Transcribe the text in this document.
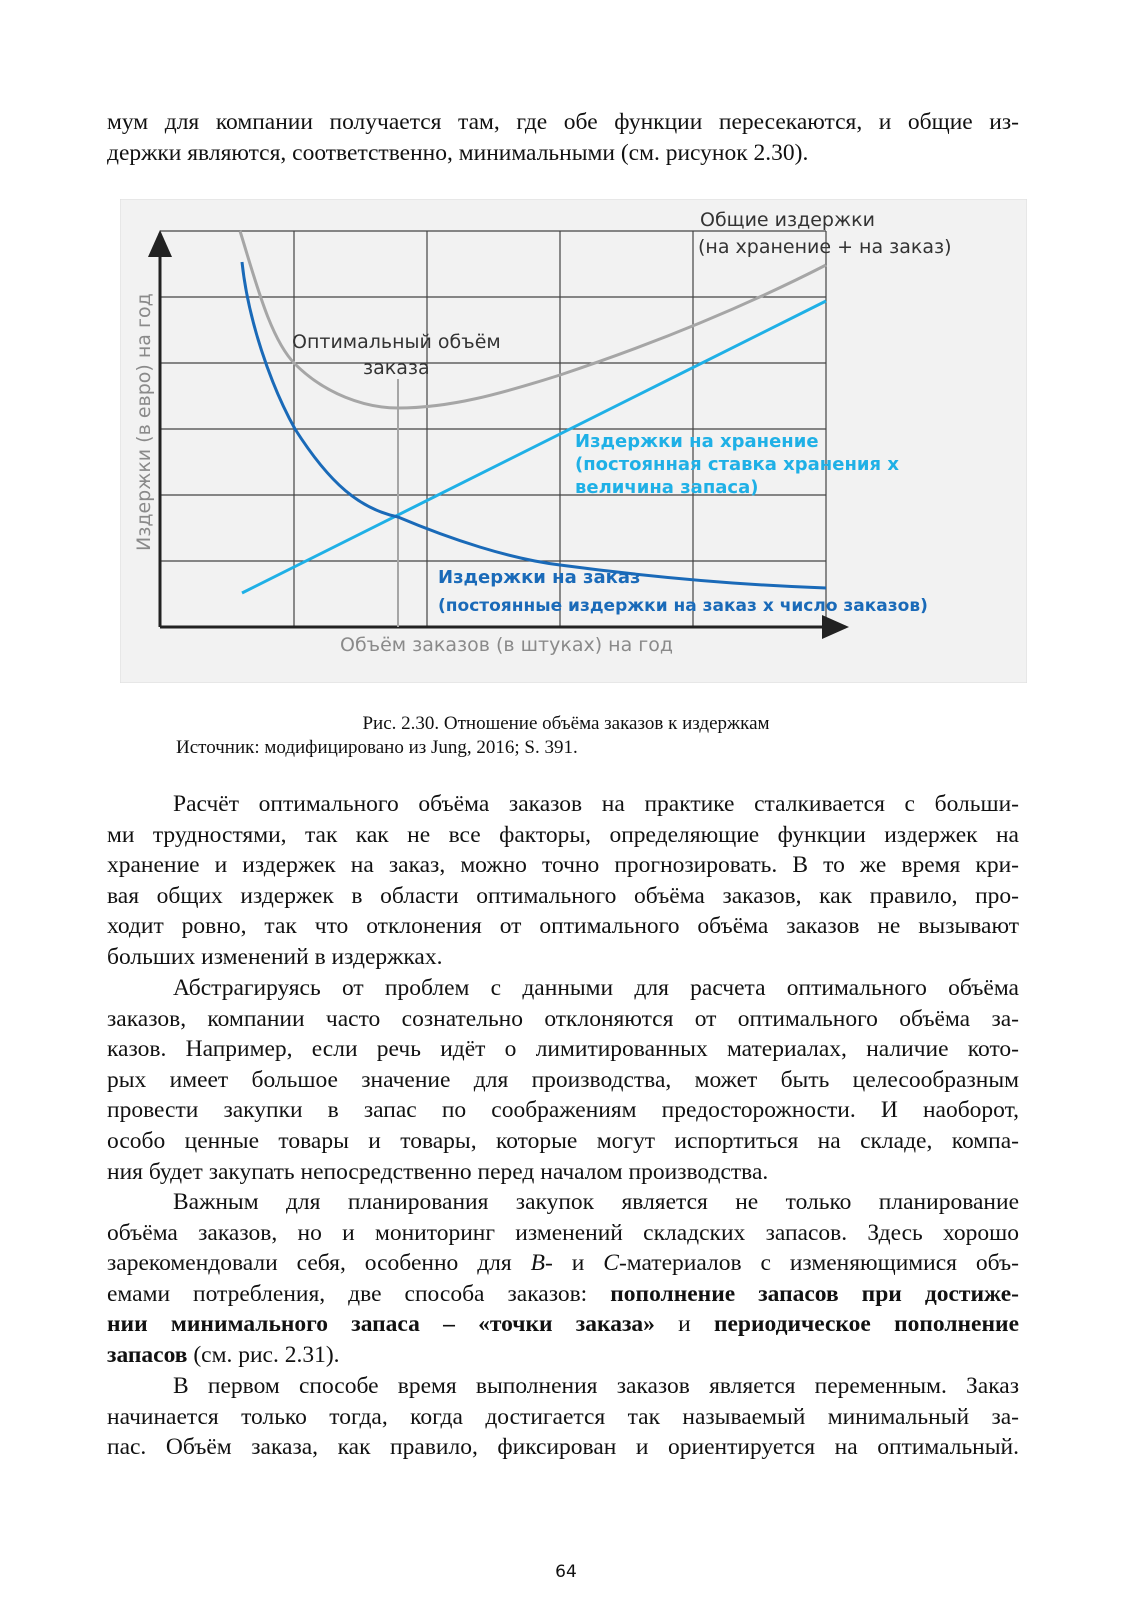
мум для компании получается там, где обе функции пересекаются, и общие из-
держки являются, соответственно, минимальными (см. рисунок 2.30).
Издержки (в евро) на год
Объём заказов (в штуках) на год
Общие издержки
(на хранение + на заказ)
Оптимальный объём
заказа
Издержки на хранение
(постоянная ставка хранения х
величина запаса)
Издержки на заказ
(постоянные издержки на заказ х число заказов)
Рис. 2.30. Отношение объёма заказов к издержкам
Источник: модифицировано из Jung, 2016; S. 391.
Расчёт оптимального объёма заказов на практике сталкивается с больши-
ми трудностями, так как не все факторы, определяющие функции издержек на
хранение и издержек на заказ, можно точно прогнозировать. В то же время кри-
вая общих издержек в области оптимального объёма заказов, как правило, про-
ходит ровно, так что отклонения от оптимального объёма заказов не вызывают
больших изменений в издержках.
Абстрагируясь от проблем с данными для расчета оптимального объёма
заказов, компании часто сознательно отклоняются от оптимального объёма за-
казов. Например, если речь идёт о лимитированных материалах, наличие кото-
рых имеет большое значение для производства, может быть целесообразным
провести закупки в запас по соображениям предосторожности. И наоборот,
особо ценные товары и товары, которые могут испортиться на складе, компа-
ния будет закупать непосредственно перед началом производства.
Важным для планирования закупок является не только планирование
объёма заказов, но и мониторинг изменений складских запасов. Здесь хорошо
зарекомендовали себя, особенно для B- и C-материалов с изменяющимися объ-
емами потребления, две способа заказов: пополнение запасов при достиже-
нии минимального запаса – «точки заказа» и периодическое пополнение
запасов (см. рис. 2.31).
В первом способе время выполнения заказов является переменным. Заказ
начинается только тогда, когда достигается так называемый минимальный за-
пас. Объём заказа, как правило, фиксирован и ориентируется на оптимальный.
64
